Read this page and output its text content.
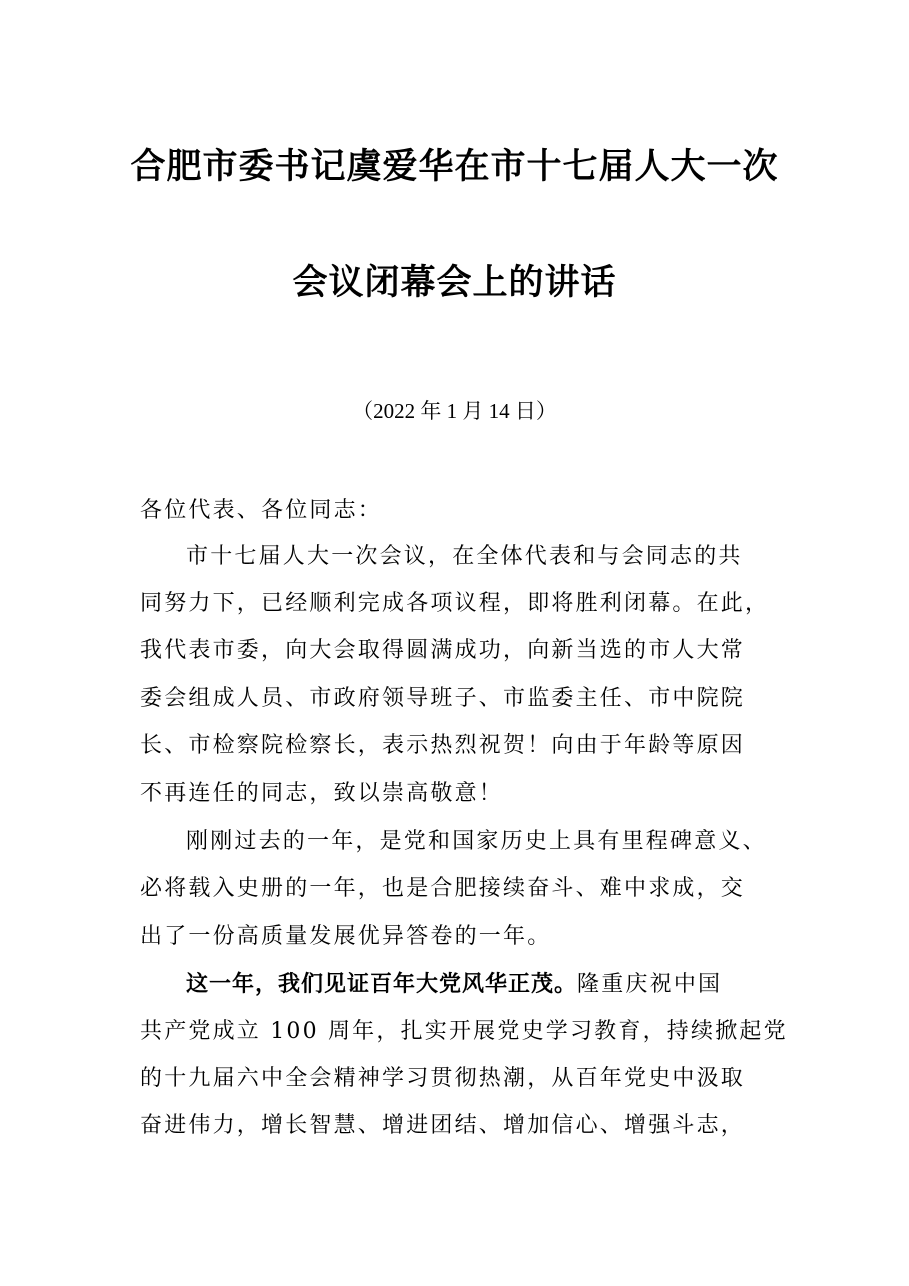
合肥市委书记虞爱华在市十七届人大一次
会议闭幕会上的讲话
（2022 年 1 月 14 日）
各位代表、各位同志：
市十七届人大一次会议，在全体代表和与会同志的共
同努力下，已经顺利完成各项议程，即将胜利闭幕。在此，
我代表市委，向大会取得圆满成功，向新当选的市人大常
委会组成人员、市政府领导班子、市监委主任、市中院院
长、市检察院检察长，表示热烈祝贺！向由于年龄等原因
不再连任的同志，致以崇高敬意！
刚刚过去的一年，是党和国家历史上具有里程碑意义、
必将载入史册的一年，也是合肥接续奋斗、难中求成，交
出了一份高质量发展优异答卷的一年。
这一年，我们见证百年大党风华正茂。隆重庆祝中国
共产党成立 100 周年，扎实开展党史学习教育，持续掀起党
的十九届六中全会精神学习贯彻热潮，从百年党史中汲取
奋进伟力，增长智慧、增进团结、增加信心、增强斗志，
